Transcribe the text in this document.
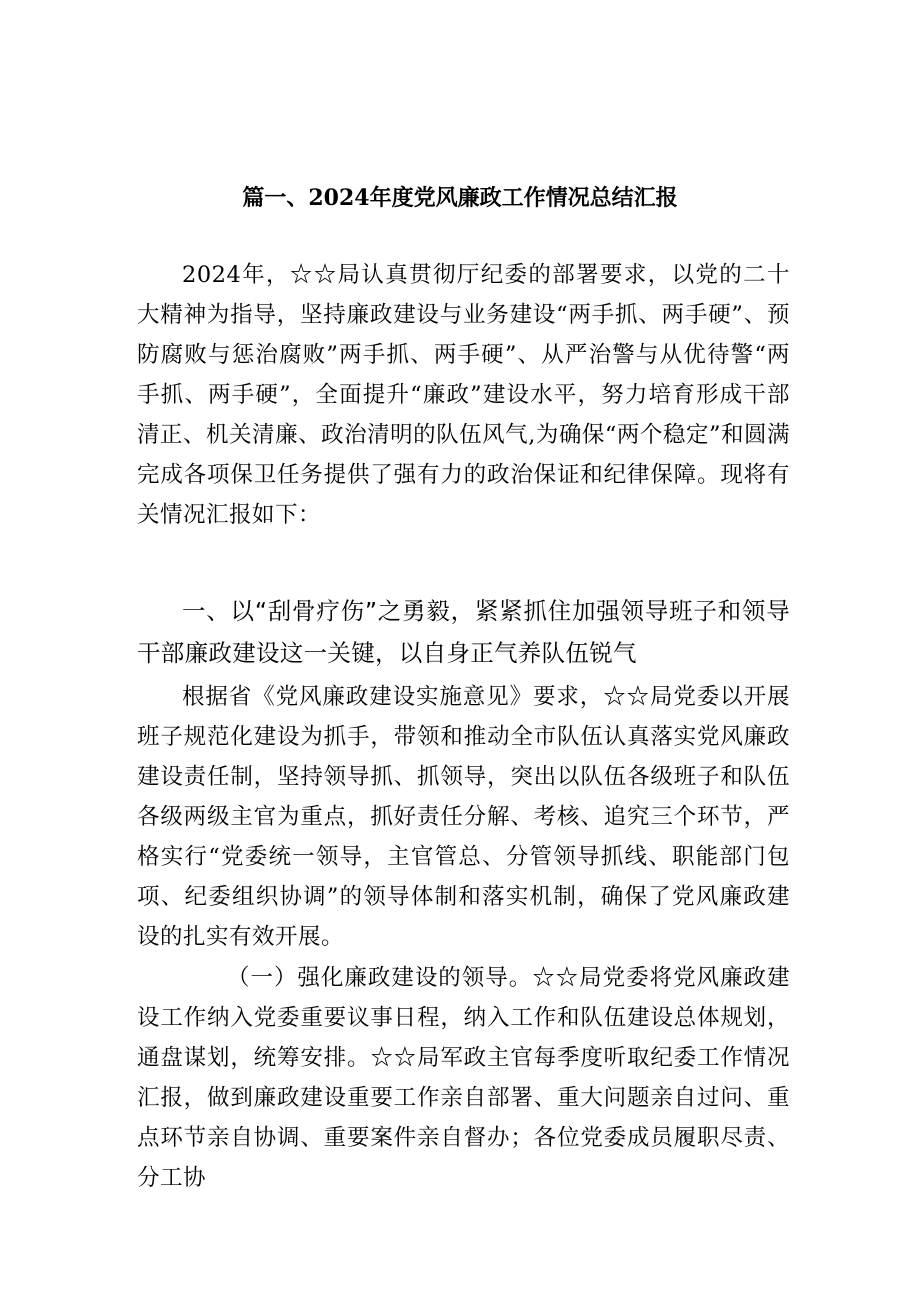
篇一、2024年度党风廉政工作情况总结汇报

2024年，☆☆局认真贯彻厅纪委的部署要求，以党的二十大精神为指导，坚持廉政建设与业务建设“两手抓、两手硬”、预防腐败与惩治腐败”两手抓、两手硬”、从严治警与从优待警“两手抓、两手硬”，全面提升“廉政”建设水平，努力培育形成干部清正、机关清廉、政治清明的队伍风气,为确保“两个稳定”和圆满完成各项保卫任务提供了强有力的政治保证和纪律保障。现将有关情况汇报如下：

一、以“刮骨疗伤”之勇毅，紧紧抓住加强领导班子和领导干部廉政建设这一关键，以自身正气养队伍锐气

根据省《党风廉政建设实施意见》要求，☆☆局党委以开展班子规范化建设为抓手，带领和推动全市队伍认真落实党风廉政建设责任制，坚持领导抓、抓领导，突出以队伍各级班子和队伍各级两级主官为重点，抓好责任分解、考核、追究三个环节，严格实行“党委统一领导，主官管总、分管领导抓线、职能部门包项、纪委组织协调”的领导体制和落实机制，确保了党风廉政建设的扎实有效开展。

（一）强化廉政建设的领导。☆☆局党委将党风廉政建设工作纳入党委重要议事日程，纳入工作和队伍建设总体规划，通盘谋划，统筹安排。☆☆局军政主官每季度听取纪委工作情况汇报，做到廉政建设重要工作亲自部署、重大问题亲自过问、重点环节亲自协调、重要案件亲自督办；各位党委成员履职尽责、分工协
